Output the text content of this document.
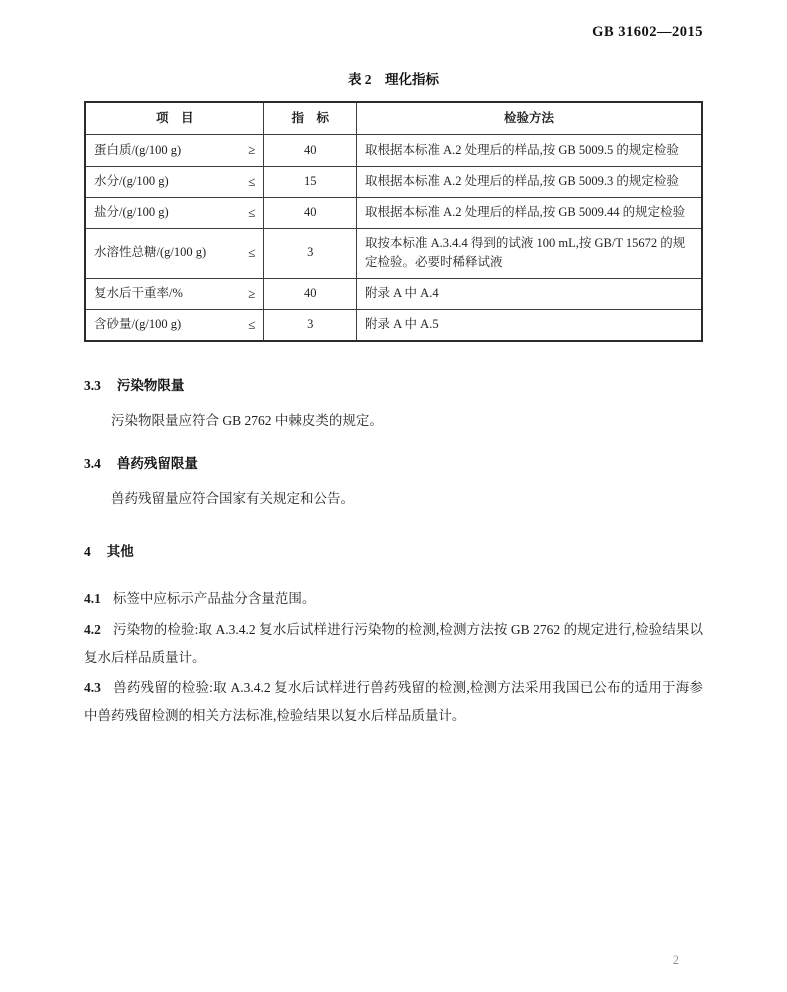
GB 31602—2015
表 2　理化指标
项　目	指　标	检验方法

蛋白质/(g/100 g) ≥	40	取根据本标准 A.2 处理后的样品,按 GB 5009.5 的规定检验

水分/(g/100 g) ≤	15	取根据本标准 A.2 处理后的样品,按 GB 5009.3 的规定检验

盐分/(g/100 g) ≤	40	取根据本标准 A.2 处理后的样品,按 GB 5009.44 的规定检验

水溶性总糖/(g/100 g) ≤	3	取按本标准 A.3.4.4 得到的试液 100 mL,按 GB/T 15672 的规定检验。必要时稀释试液

复水后干重率/% ≥	40	附录 A 中 A.4

含砂量/(g/100 g) ≤	3	附录 A 中 A.5
3.3 污染物限量
污染物限量应符合 GB 2762 中棘皮类的规定。
3.4 兽药残留限量
兽药残留量应符合国家有关规定和公告。
4 其他
4.1 标签中应标示产品盐分含量范围。
4.2 污染物的检验:取 A.3.4.2 复水后试样进行污染物的检测,检测方法按 GB 2762 的规定进行,检验结果以复水后样品质量计。
4.3 兽药残留的检验:取 A.3.4.2 复水后试样进行兽药残留的检测,检测方法采用我国已公布的适用于海参中兽药残留检测的相关方法标准,检验结果以复水后样品质量计。
2
